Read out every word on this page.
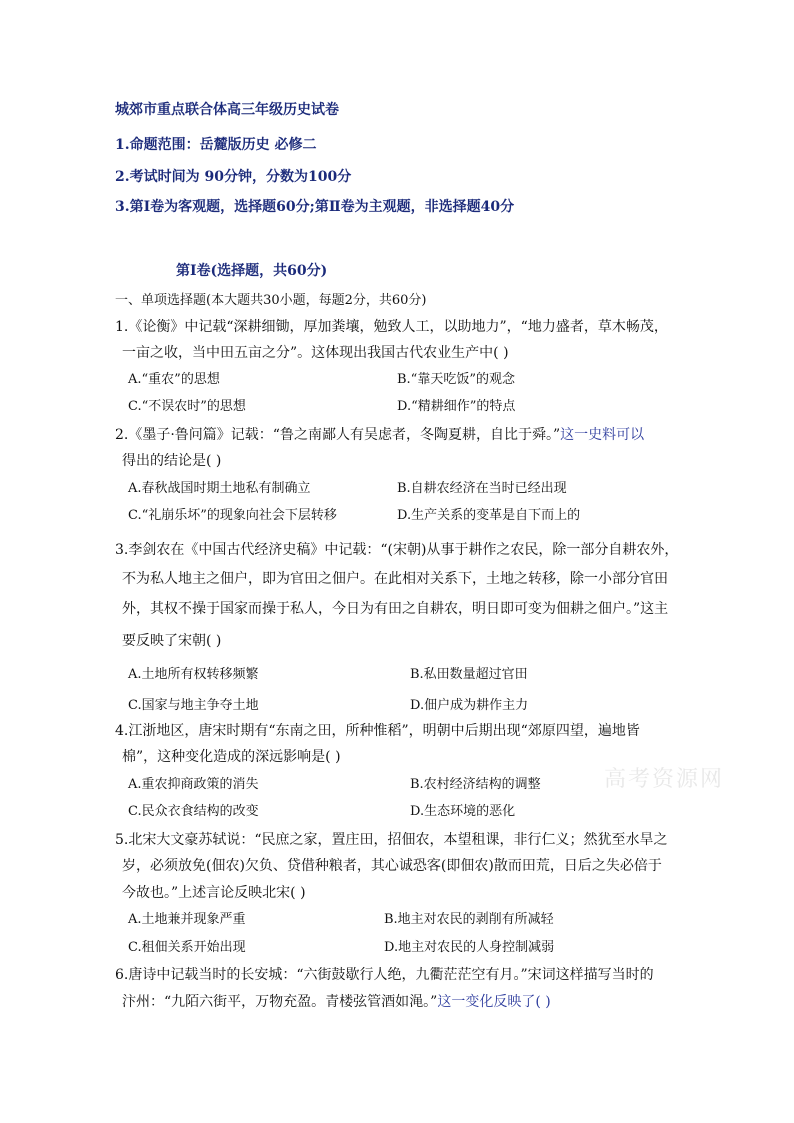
城郊市重点联合体高三年级历史试卷
1.命题范围：岳麓版历史 必修二
2.考试时间为 90分钟，分数为100分
3.第Ⅰ卷为客观题，选择题60分;第Ⅱ卷为主观题，非选择题40分
第Ⅰ卷(选择题，共60分)
一、单项选择题(本大题共30小题，每题2分，共60分)
1.《论衡》中记载“深耕细锄，厚加粪壤，勉致人工，以助地力”，“地力盛者，草木畅茂，
一亩之收，当中田五亩之分”。这体现出我国古代农业生产中( )
A.“重农”的思想	B.“靠天吃饭”的观念
C.“不误农时”的思想	D.“精耕细作”的特点
2.《墨子·鲁问篇》记载：“鲁之南鄙人有吴虑者，冬陶夏耕，自比于舜。”这一史料可以
得出的结论是( )
A.春秋战国时期土地私有制确立	B.自耕农经济在当时已经出现
C.“礼崩乐坏”的现象向社会下层转移	D.生产关系的变革是自下而上的
3.李剑农在《中国古代经济史稿》中记载：“(宋朝)从事于耕作之农民，除一部分自耕农外，
不为私人地主之佃户，即为官田之佃户。在此相对关系下，土地之转移，除一小部分官田
外，其权不操于国家而操于私人，今日为有田之自耕农，明日即可变为佃耕之佃户。”这主
要反映了宋朝( )
A.土地所有权转移频繁	B.私田数量超过官田
C.国家与地主争夺土地	D.佃户成为耕作主力
4.江浙地区，唐宋时期有“东南之田，所种惟稻”，明朝中后期出现“郊原四望，遍地皆
棉”，这种变化造成的深远影响是( )
A.重农抑商政策的消失	B.农村经济结构的调整
C.民众衣食结构的改变	D.生态环境的恶化
高考资源网
5.北宋大文豪苏轼说：“民庶之家，置庄田，招佃农，本望租课，非行仁义；然犹至水旱之
岁，必须放免(佃农)欠负、贷借种粮者，其心诚恐客(即佃农)散而田荒，日后之失必倍于
今故也。”上述言论反映北宋( )
A.土地兼并现象严重	B.地主对农民的剥削有所减轻
C.租佃关系开始出现	D.地主对农民的人身控制减弱
6.唐诗中记载当时的长安城：“六街鼓歇行人绝，九衢茫茫空有月。”宋词这样描写当时的
汴州：“九陌六街平，万物充盈。青楼弦管酒如渑。”这一变化反映了( )
